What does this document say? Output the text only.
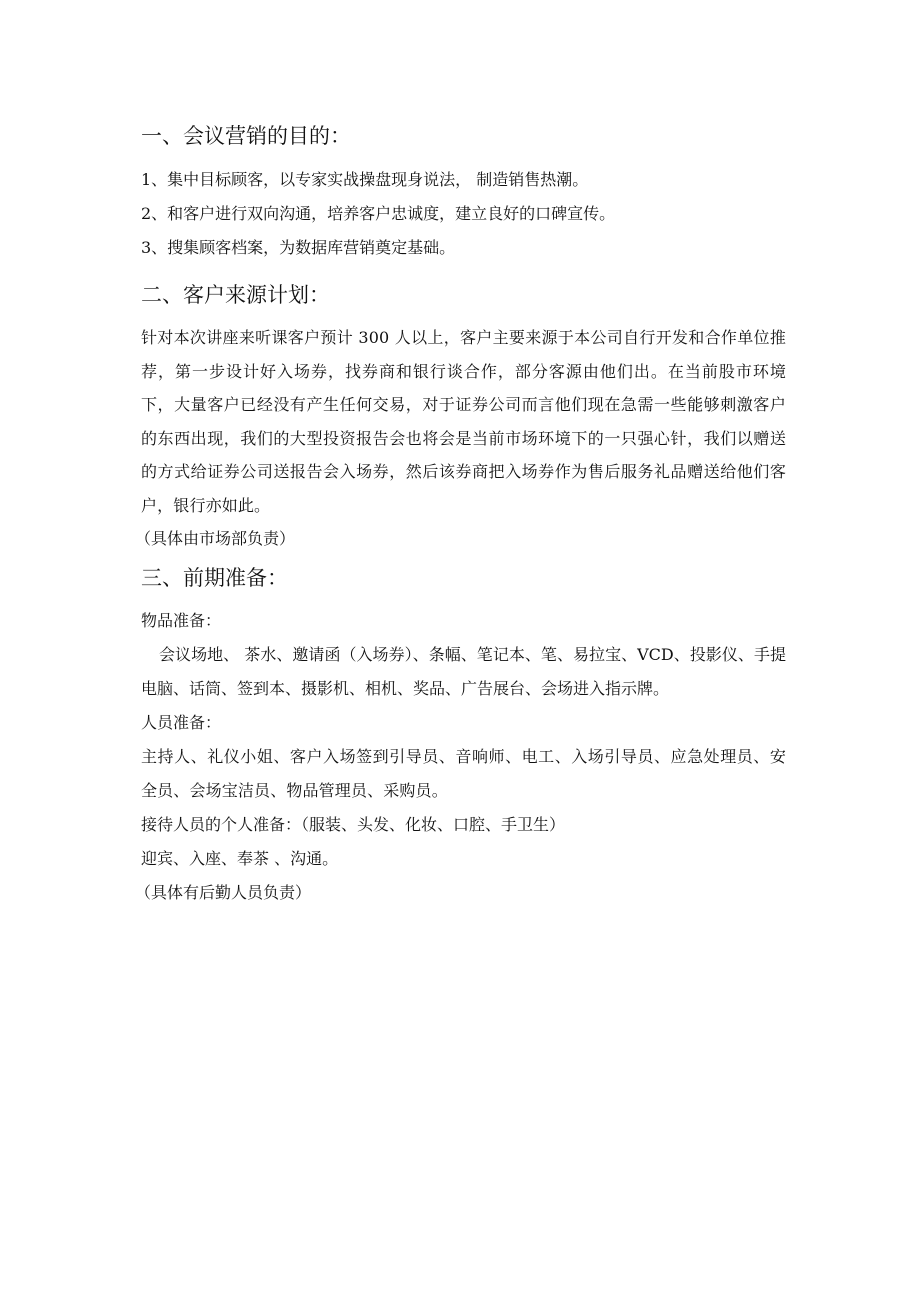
一、会议营销的目的：

1、集中目标顾客，以专家实战操盘现身说法， 制造销售热潮。

2、和客户进行双向沟通，培养客户忠诚度，建立良好的口碑宣传。

3、搜集顾客档案，为数据库营销奠定基础。

二、客户来源计划：

针对本次讲座来听课客户预计 300 人以上，客户主要来源于本公司自行开发和合作单位推荐，第一步设计好入场券，找券商和银行谈合作，部分客源由他们出。在当前股市环境下，大量客户已经没有产生任何交易，对于证券公司而言他们现在急需一些能够刺激客户的东西出现，我们的大型投资报告会也将会是当前市场环境下的一只强心针，我们以赠送的方式给证券公司送报告会入场券，然后该券商把入场券作为售后服务礼品赠送给他们客户，银行亦如此。

（具体由市场部负责）

三、前期准备：

物品准备：

会议场地、 茶水、邀请函（入场券）、条幅、笔记本、笔、易拉宝、VCD、投影仪、手提电脑、话筒、签到本、摄影机、相机、奖品、广告展台、会场进入指示牌。

人员准备：

主持人、礼仪小姐、客户入场签到引导员、音响师、电工、入场引导员、应急处理员、安全员、会场宝洁员、物品管理员、采购员。

接待人员的个人准备：（服装、头发、化妆、口腔、手卫生）

迎宾、入座、奉茶 、沟通。

（具体有后勤人员负责）
